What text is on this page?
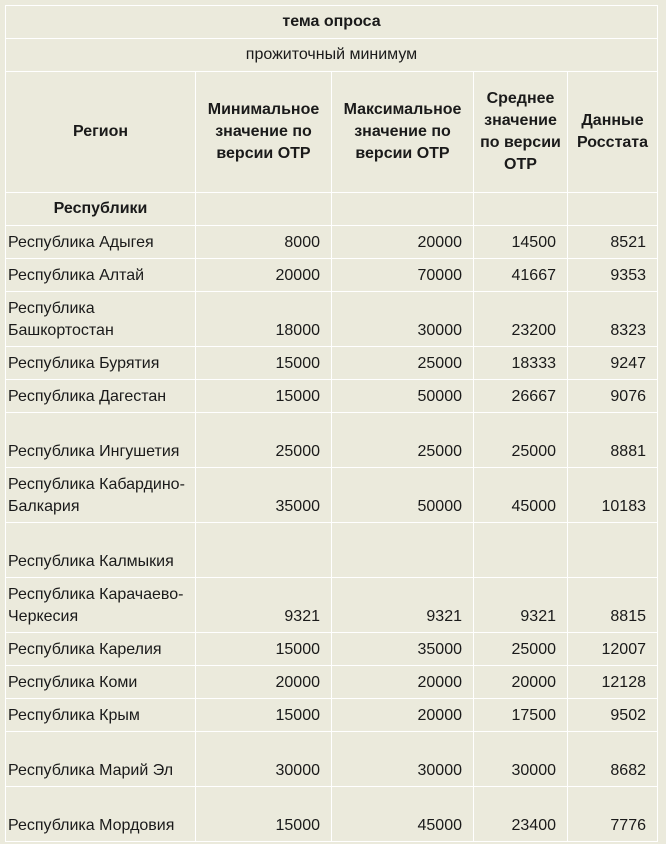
тема опроса				
прожиточный минимум				
Регион	Минимальное значение по версии ОТР	Максимальное значение по версии ОТР	Среднее значение по версии ОТР	Данные Росстата
Республики				
Республика Адыгея	8000	20000	14500	8521
Республика Алтай	20000	70000	41667	9353
Республика Башкортостан	18000	30000	23200	8323
Республика Бурятия	15000	25000	18333	9247
Республика Дагестан	15000	50000	26667	9076
Республика Ингушетия	25000	25000	25000	8881
Республика Кабардино-Балкария	35000	50000	45000	10183
Республика Калмыкия				
Республика Карачаево-Черкесия	9321	9321	9321	8815
Республика Карелия	15000	35000	25000	12007
Республика Коми	20000	20000	20000	12128
Республика Крым	15000	20000	17500	9502
Республика Марий Эл	30000	30000	30000	8682
Республика Мордовия	15000	45000	23400	7776
